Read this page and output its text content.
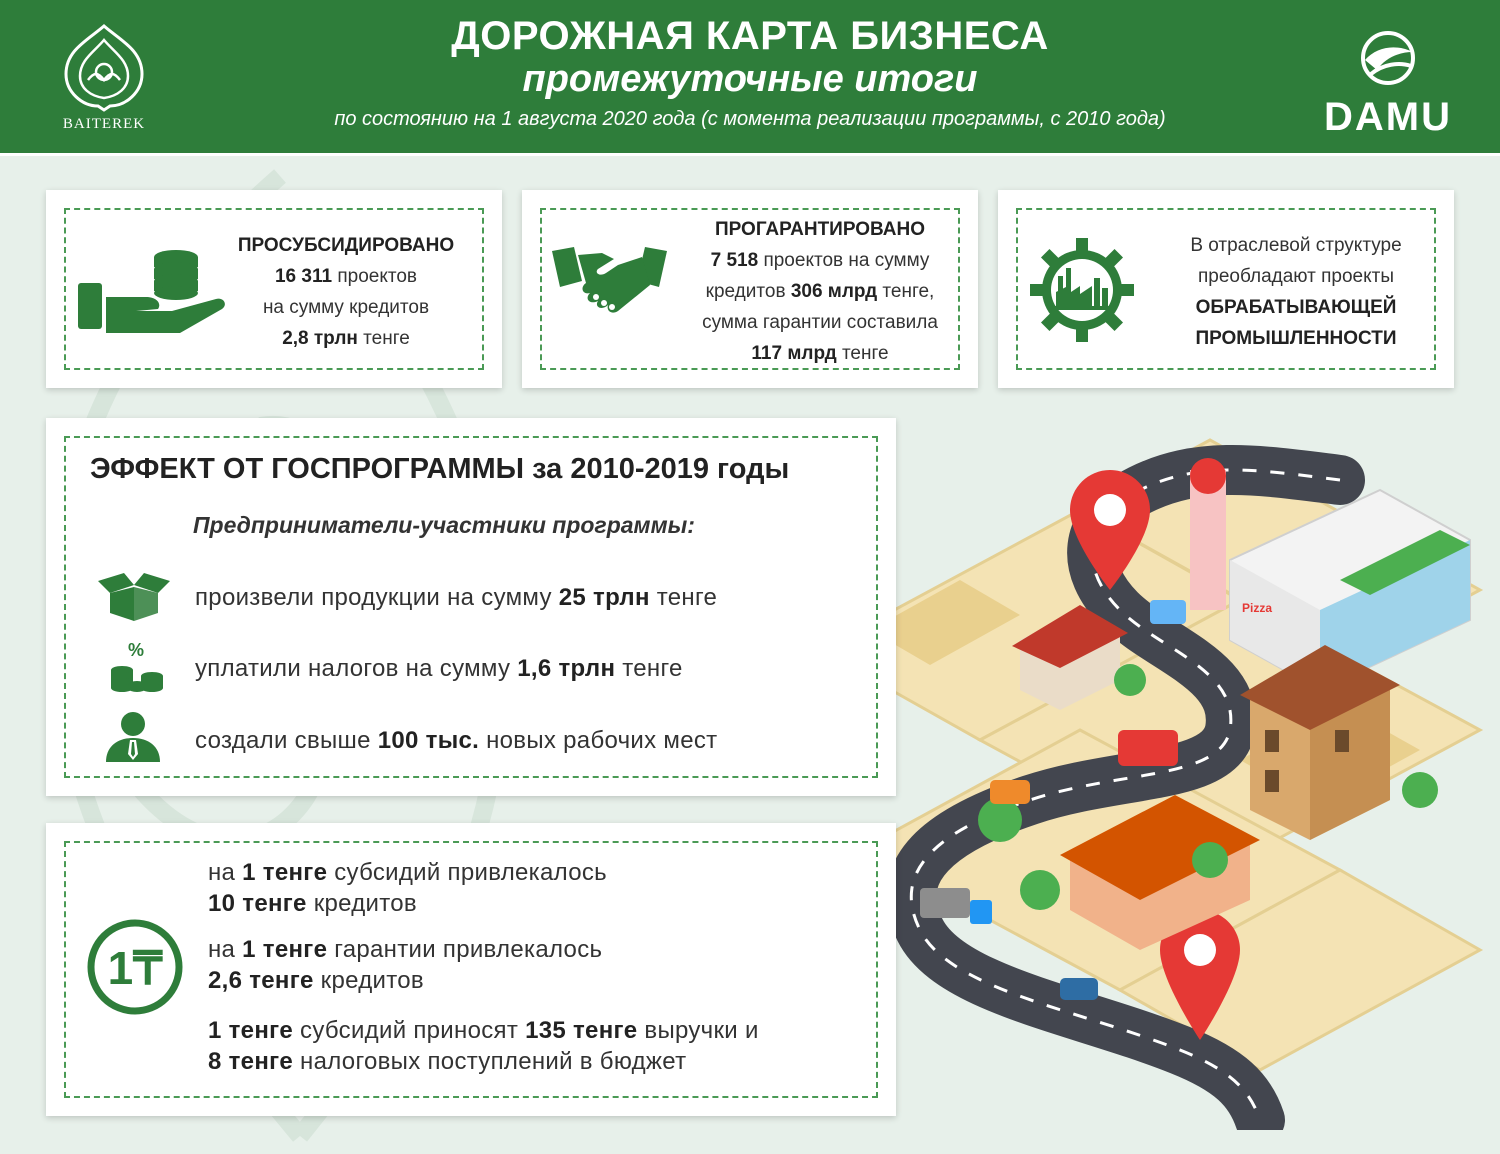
BAITEREK
ДОРОЖНАЯ КАРТА БИЗНЕСА
промежуточные итоги
по состоянию на 1 августа 2020 года (с момента реализации программы, с 2010 года)	DAMU
ПРОСУБСИДИРОВАНО
16 311 проектов
на сумму кредитов
2,8 трлн тенге
ПРОГАРАНТИРОВАНО
7 518 проектов на сумму
кредитов 306 млрд тенге,
сумма гарантии составила
117 млрд тенге
В отраслевой структуре
преобладают проекты
ОБРАБАТЫВАЮЩЕЙ
ПРОМЫШЛЕННОСТИ
Pizza
ЭФФЕКТ ОТ ГОСПРОГРАММЫ за 2010-2019 годы
Предприниматели-участники программы:
произвели продукции на сумму 25 трлн тенге
%
уплатили налогов на сумму 1,6 трлн тенге
создали свыше 100 тыс. новых рабочих мест
1₸
на 1 тенге субсидий привлекалось
10 тенге кредитов
на 1 тенге гарантии привлекалось
2,6 тенге кредитов
1 тенге субсидий приносят 135 тенге выручки и
8 тенге налоговых поступлений в бюджет
